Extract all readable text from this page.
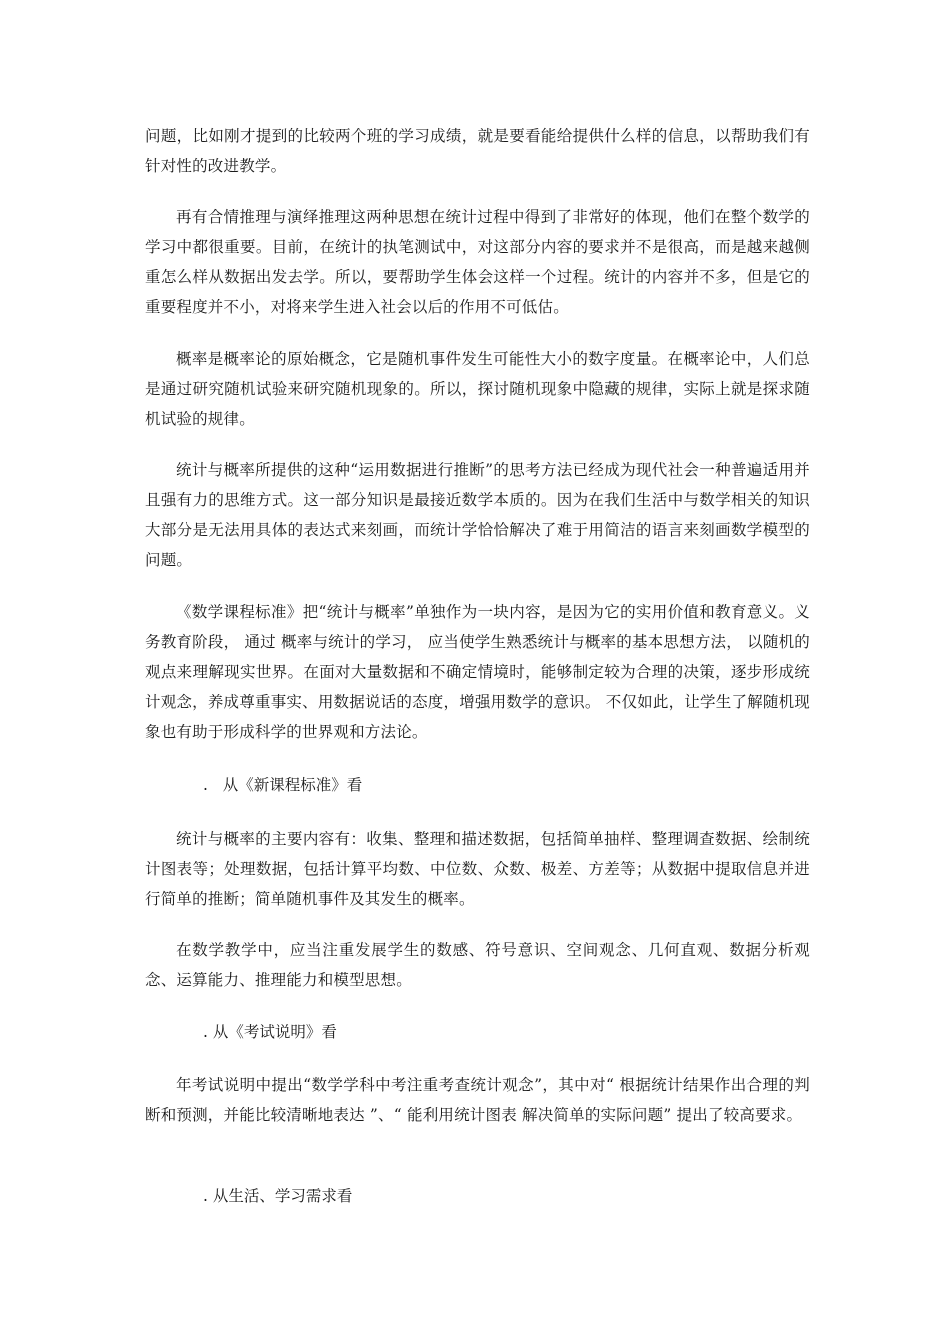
问题，比如刚才提到的比较两个班的学习成绩，就是要看能给提供什么样的信息，以帮助我们有针对性的改进教学。

再有合情推理与演绎推理这两种思想在统计过程中得到了非常好的体现，他们在整个数学的学习中都很重要。目前，在统计的执笔测试中，对这部分内容的要求并不是很高，而是越来越侧重怎么样从数据出发去学。所以，要帮助学生体会这样一个过程。统计的内容并不多，但是它的重要程度并不小，对将来学生进入社会以后的作用不可低估。

概率是概率论的原始概念，它是随机事件发生可能性大小的数字度量。在概率论中，人们总是通过研究随机试验来研究随机现象的。所以，探讨随机现象中隐藏的规律，实际上就是探求随机试验的规律。

统计与概率所提供的这种“运用数据进行推断”的思考方法已经成为现代社会一种普遍适用并且强有力的思维方式。这一部分知识是最接近数学本质的。因为在我们生活中与数学相关的知识大部分是无法用具体的表达式来刻画，而统计学恰恰解决了难于用简洁的语言来刻画数学模型的问题。

《数学课程标准》把“统计与概率”单独作为一块内容，是因为它的实用价值和教育意义。义务教育阶段， 通过 概率与统计的学习， 应当使学生熟悉统计与概率的基本思想方法， 以随机的观点来理解现实世界。在面对大量数据和不确定情境时，能够制定较为合理的决策，逐步形成统计观念，养成尊重事实、用数据说话的态度，增强用数学的意识。 不仅如此，让学生了解随机现象也有助于形成科学的世界观和方法论。

.   从《新课程标准》看

统计与概率的主要内容有：收集、整理和描述数据，包括简单抽样、整理调查数据、绘制统计图表等；处理数据，包括计算平均数、中位数、众数、极差、方差等；从数据中提取信息并进行简单的推断；简单随机事件及其发生的概率。

在数学教学中，应当注重发展学生的数感、符号意识、空间观念、几何直观、数据分析观念、运算能力、推理能力和模型思想。

. 从《考试说明》看

年考试说明中提出“数学学科中考注重考查统计观念”，其中对“ 根据统计结果作出合理的判断和预测，并能比较清晰地表达 ”、“ 能利用统计图表 解决简单的实际问题” 提出了较高要求。

. 从生活、学习需求看
